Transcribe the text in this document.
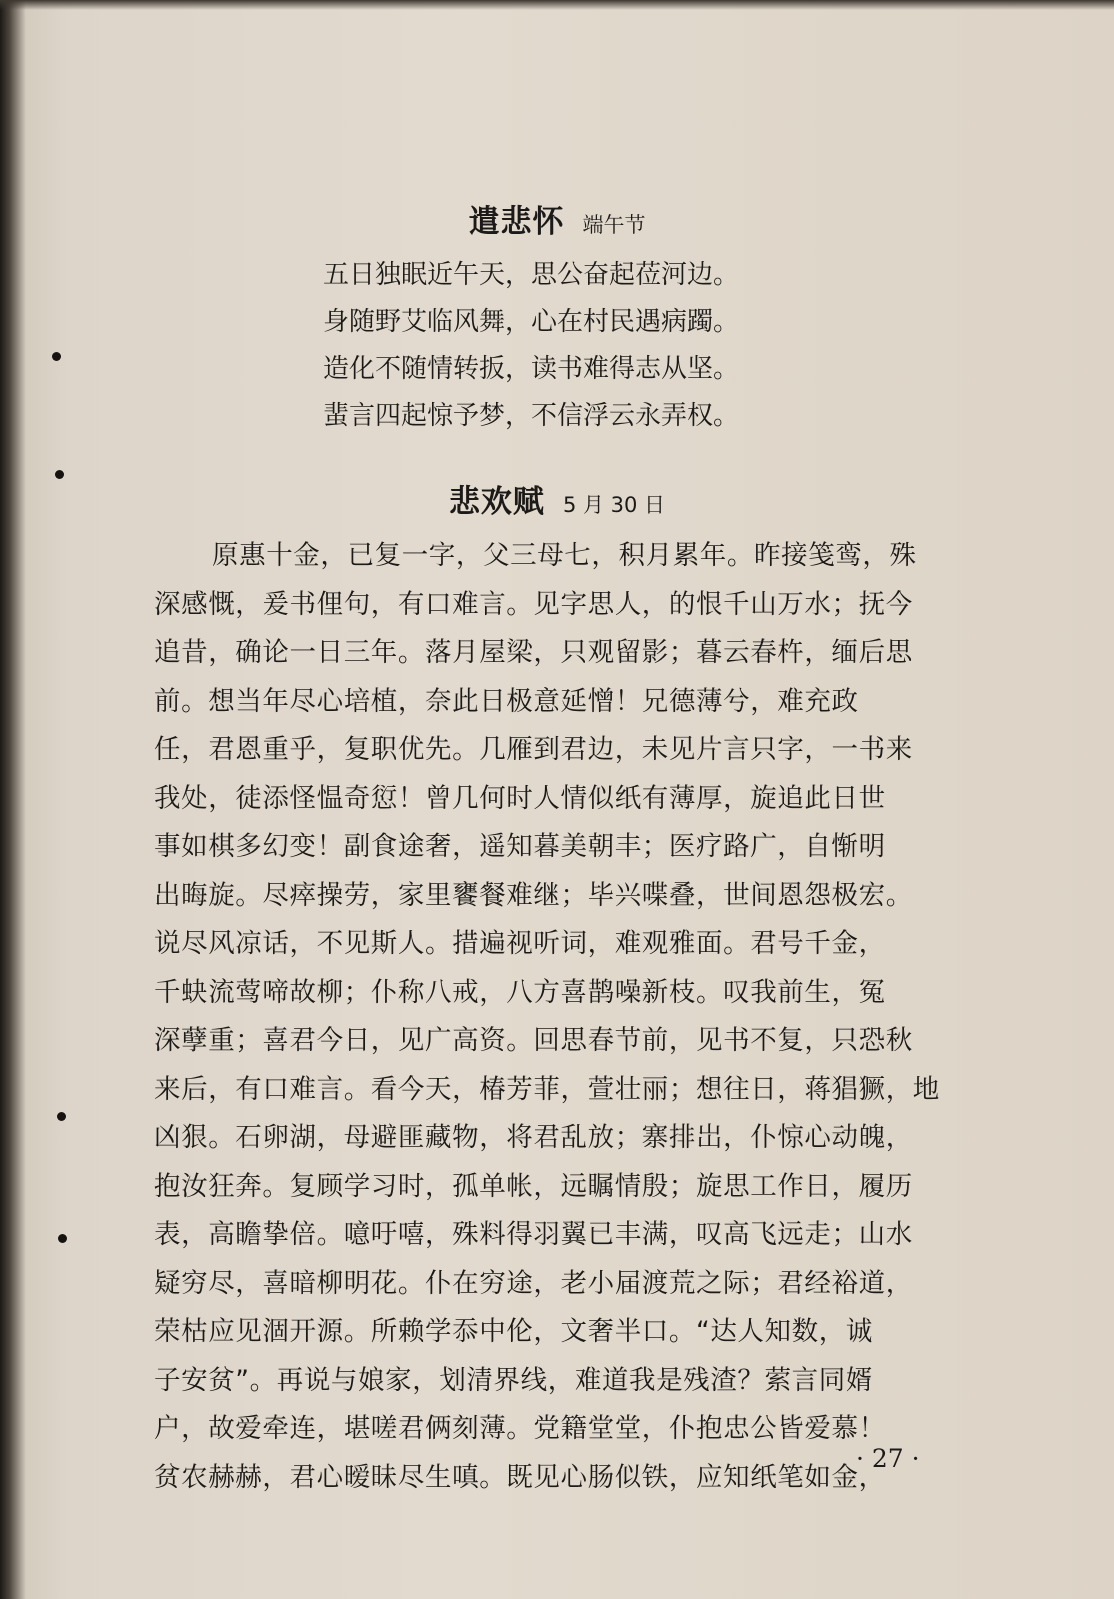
遣悲怀 端午节
五日独眠近午天，思公奋起莅河边。
身随野艾临风舞，心在村民遇病躅。
造化不随情转扳，读书难得志从坚。
蜚言四起惊予梦，不信浮云永弄权。
悲欢赋 5 月 30 日
原惠十金，已复一字，父三母七，积月累年。昨接笺鸾，殊
深感慨，爰书俚句，有口难言。见字思人，的恨千山万水；抚今
追昔，确论一日三年。落月屋梁，只观留影；暮云春杵，缅后思
前。想当年尽心培植，奈此日极意延憎！兄德薄兮，难充政
任，君恩重乎，复职优先。几雁到君边，未见片言只字，一书来
我处，徒添怪愠奇愆！曾几何时人情似纸有薄厚，旋追此日世
事如棋多幻变！副食途奢，遥知暮美朝丰；医疗路广，自惭明
出晦旋。尽瘁操劳，家里饔餐难继；毕兴喋叠，世间恩怨极宏。
说尽风凉话，不见斯人。措遍视听词，难观雅面。君号千金，
千蚗流莺啼故柳；仆称八戒，八方喜鹊噪新枝。叹我前生，冤
深孽重；喜君今日，见广高资。回思春节前，见书不复，只恐秋
来后，有口难言。看今天，椿芳菲，萱壮丽；想往日，蒋猖獗，地
凶狠。石卵湖，母避匪藏物，将君乱放；寨排岀，仆惊心动魄，
抱汝狂奔。复顾学习时，孤单帐，远瞩情殷；旋思工作日，履历
表，高瞻挚倍。噫吁嘻，殊料得羽翼已丰满，叹高飞远走；山水
疑穷尽，喜暗柳明花。仆在穷途，老小届渡荒之际；君经裕道，
荣枯应见涸开源。所赖学忝中伦，文奢半口。“达人知数，诚
子安贫”。再说与娘家，划清界线，难道我是残渣？萦言同婿
户，故爱牵连，堪嗟君俩刻薄。党籍堂堂，仆抱忠公皆爱慕！
贫农赫赫，君心暧昧尽生嗔。既见心肠似铁，应知纸笔如金，
· 27 ·
